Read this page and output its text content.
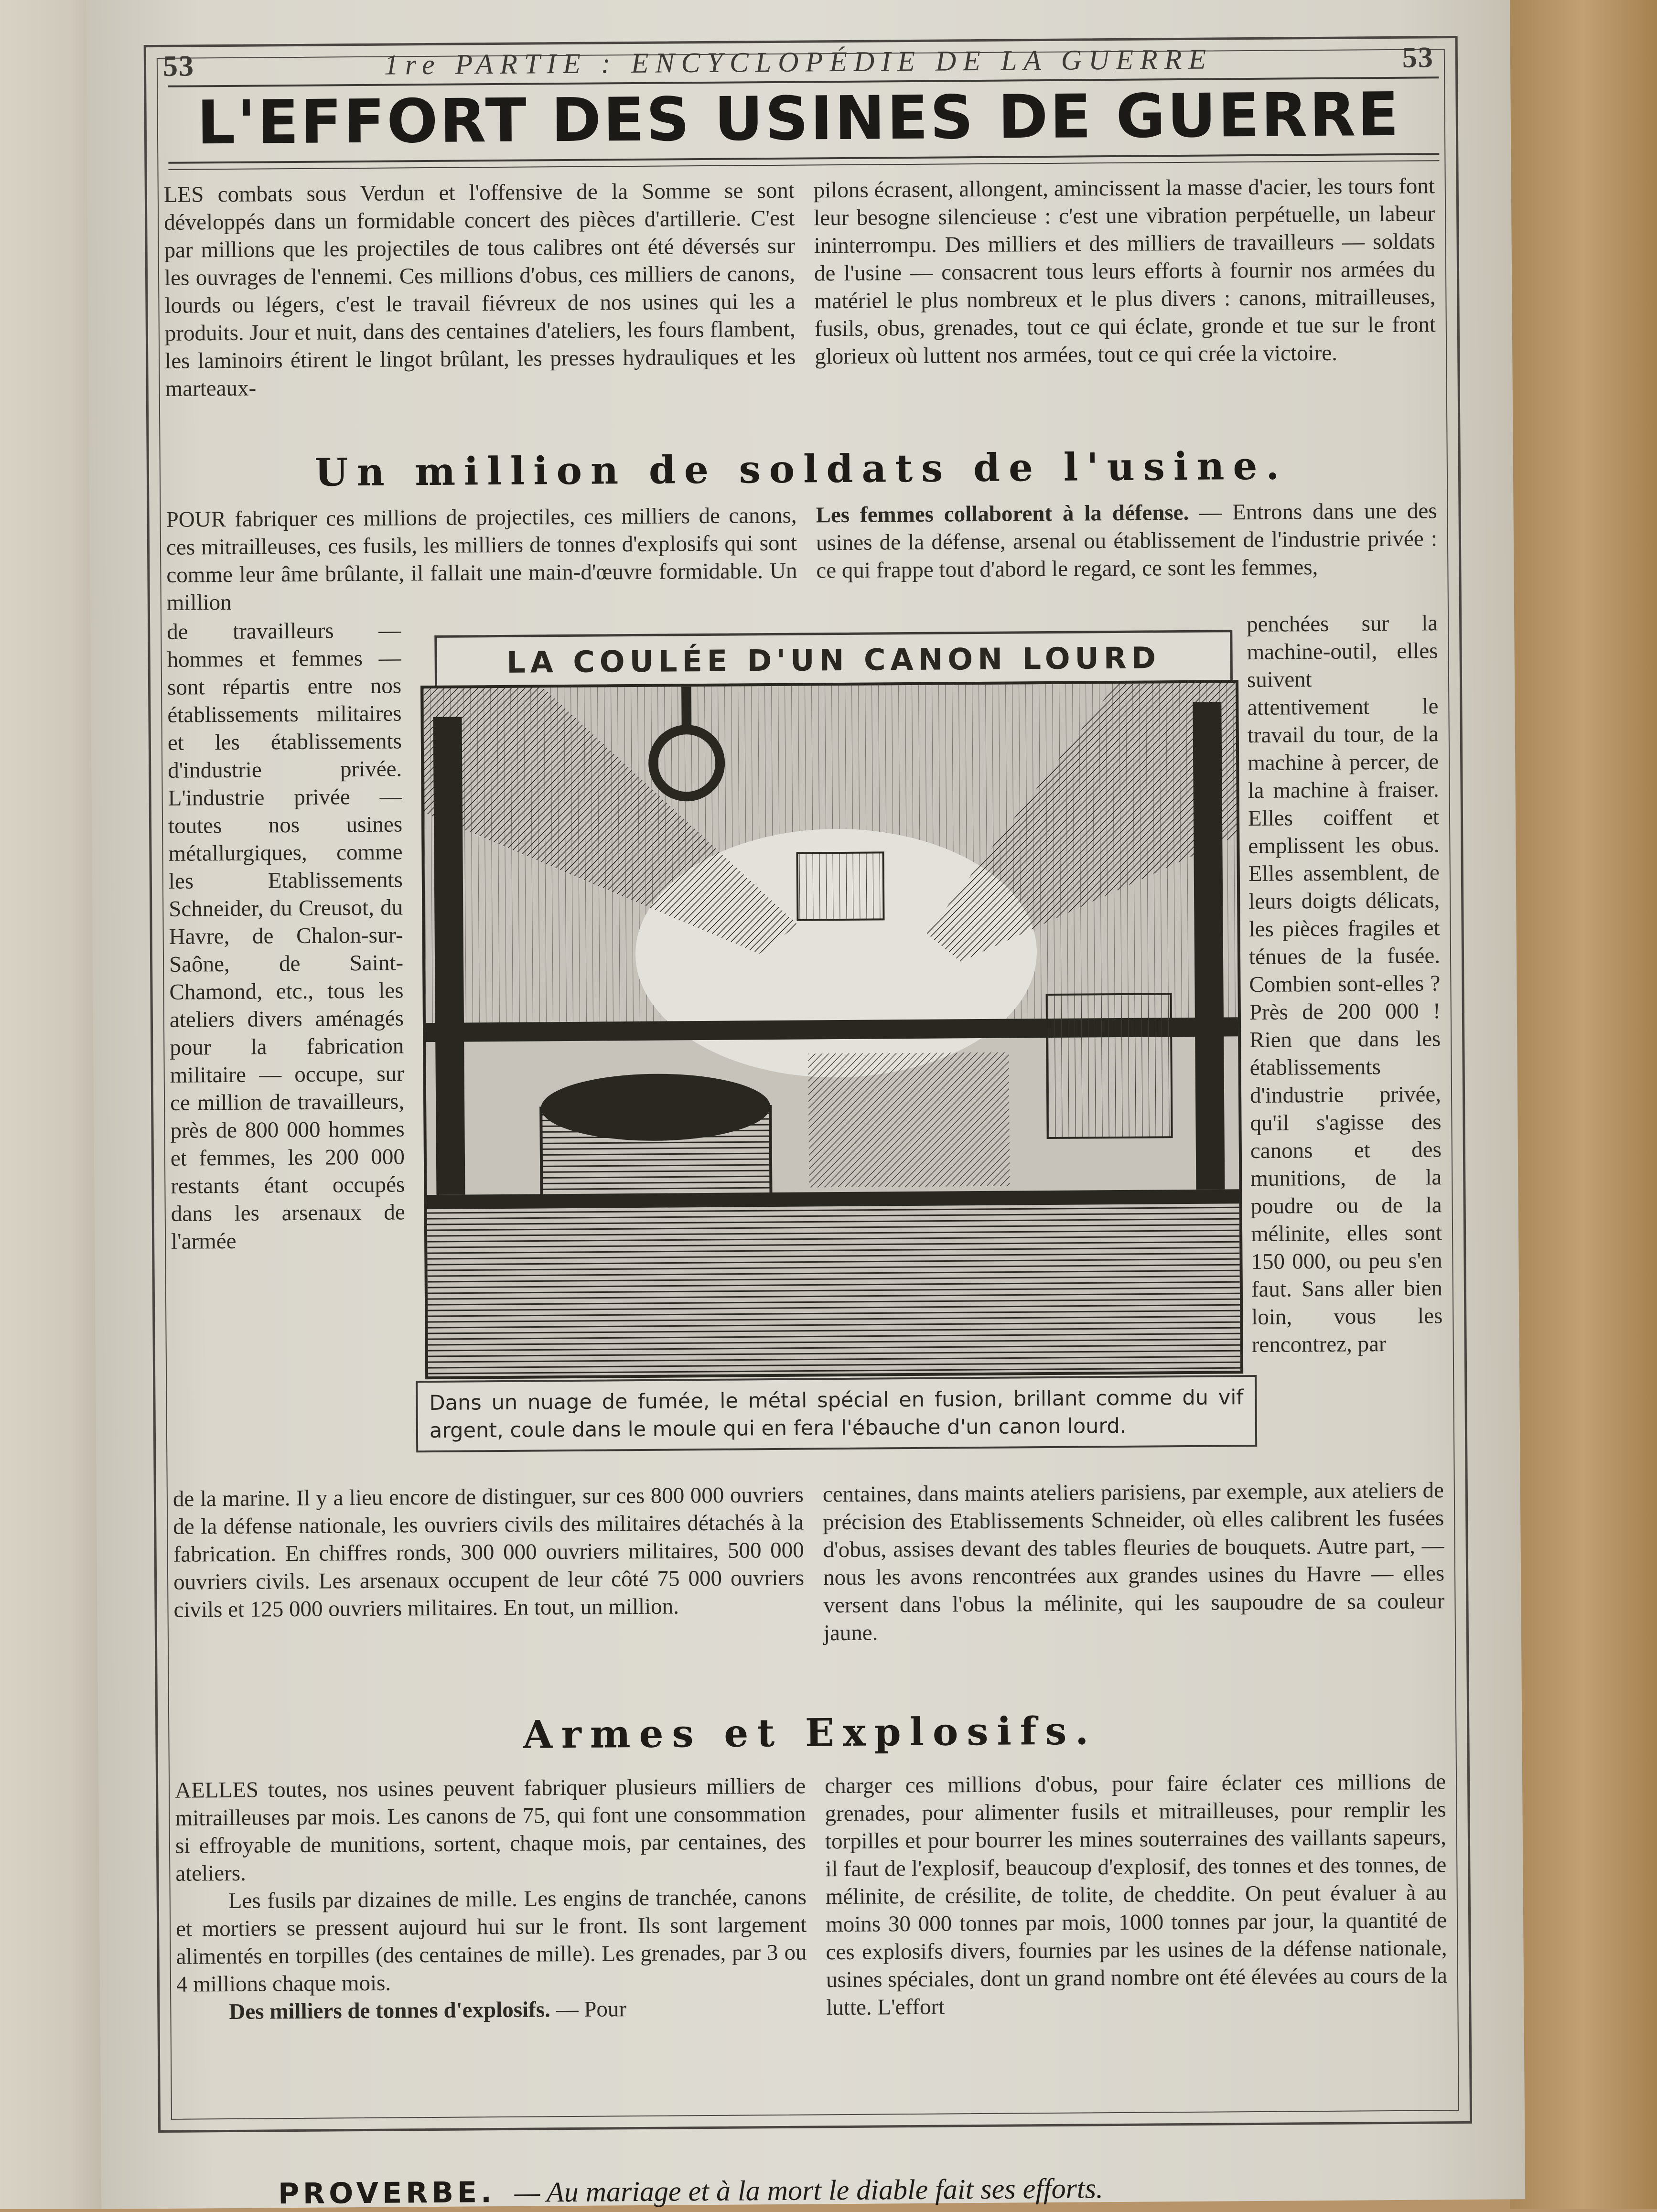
53	1re PARTIE : ENCYCLOPÉDIE DE LA GUERRE	53
L'EFFORT DES USINES DE GUERRE

LES combats sous Verdun et l'offensive de la Somme se sont développés dans un formidable concert des pièces d'artillerie. C'est par millions que les projectiles de tous calibres ont été déversés sur les ouvrages de l'ennemi. Ces millions d'obus, ces milliers de canons, lourds ou légers, c'est le travail fiévreux de nos usines qui les a produits. Jour et nuit, dans des centaines d'ateliers, les fours flambent, les laminoirs étirent le lingot brûlant, les presses hydrauliques et les marteaux-

pilons écrasent, allongent, amincissent la masse d'acier, les tours font leur besogne silencieuse : c'est une vibration perpétuelle, un labeur ininterrompu. Des milliers et des milliers de travailleurs — soldats de l'usine — consacrent tous leurs efforts à fournir nos armées du matériel le plus nombreux et le plus divers : canons, mitrailleuses, fusils, obus, grenades, tout ce qui éclate, gronde et tue sur le front glorieux où luttent nos armées, tout ce qui crée la victoire.

Un million de soldats de l'usine.

POUR fabriquer ces millions de projectiles, ces milliers de canons, ces mitrailleuses, ces fusils, les milliers de tonnes d'explosifs qui sont comme leur âme brûlante, il fallait une main-d'œuvre formidable. Un million

de travailleurs — hommes et femmes — sont répartis entre nos établissements militaires et les établissements d'industrie privée. L'industrie privée — toutes nos usines métallurgiques, comme les Etablissements Schneider, du Creusot, du Havre, de Chalon-sur-Saône, de Saint-Chamond, etc., tous les ateliers divers aménagés pour la fabrication militaire — occupe, sur ce million de travailleurs, près de 800 000 hommes et femmes, les 200 000 restants étant occupés dans les arsenaux de l'armée

de la marine. Il y a lieu encore de distinguer, sur ces 800 000 ouvriers de la défense nationale, les ouvriers civils des militaires détachés à la fabrication. En chiffres ronds, 300 000 ouvriers militaires, 500 000 ouvriers civils. Les arsenaux occupent de leur côté 75 000 ouvriers civils et 125 000 ouvriers militaires. En tout, un million.

Les femmes collaborent à la défense. — Entrons dans une des usines de la défense, arsenal ou établissement de l'industrie privée : ce qui frappe tout d'abord le regard, ce sont les femmes,

penchées sur la machine-outil, elles suivent attentivement le travail du tour, de la machine à percer, de la machine à fraiser. Elles coiffent et emplissent les obus. Elles assemblent, de leurs doigts délicats, les pièces fragiles et ténues de la fusée. Combien sont-elles ? Près de 200 000 ! Rien que dans les établissements d'industrie privée, qu'il s'agisse des canons et des munitions, de la poudre ou de la mélinite, elles sont 150 000, ou peu s'en faut. Sans aller bien loin, vous les rencontrez, par

centaines, dans maints ateliers parisiens, par exemple, aux ateliers de précision des Etablissements Schneider, où elles calibrent les fusées d'obus, assises devant des tables fleuries de bouquets. Autre part, — nous les avons rencontrées aux grandes usines du Havre — elles versent dans l'obus la mélinite, qui les saupoudre de sa couleur jaune.

LA COULÉE D'UN CANON LOURD
Dans un nuage de fumée, le métal spécial en fusion, brillant comme du vif argent, coule dans le moule qui en fera l'ébauche d'un canon lourd.
Armes et Explosifs.

AELLES toutes, nos usines peuvent fabriquer plusieurs milliers de mitrailleuses par mois. Les canons de 75, qui font une consommation si effroyable de munitions, sortent, chaque mois, par centaines, des ateliers.

Les fusils par dizaines de mille. Les engins de tranchée, canons et mortiers se pressent aujourd hui sur le front. Ils sont largement alimentés en torpilles (des centaines de mille). Les grenades, par 3 ou 4 millions chaque mois.

Des milliers de tonnes d'explosifs. — Pour

charger ces millions d'obus, pour faire éclater ces millions de grenades, pour alimenter fusils et mitrailleuses, pour remplir les torpilles et pour bourrer les mines souterraines des vaillants sapeurs, il faut de l'explosif, beaucoup d'explosif, des tonnes et des tonnes, de mélinite, de crésilite, de tolite, de cheddite. On peut évaluer à au moins 30 000 tonnes par mois, 1000 tonnes par jour, la quantité de ces explosifs divers, fournies par les usines de la défense nationale, usines spéciales, dont un grand nombre ont été élevées au cours de la lutte. L'effort

PROVERBE. — Au mariage et à la mort le diable fait ses efforts.
